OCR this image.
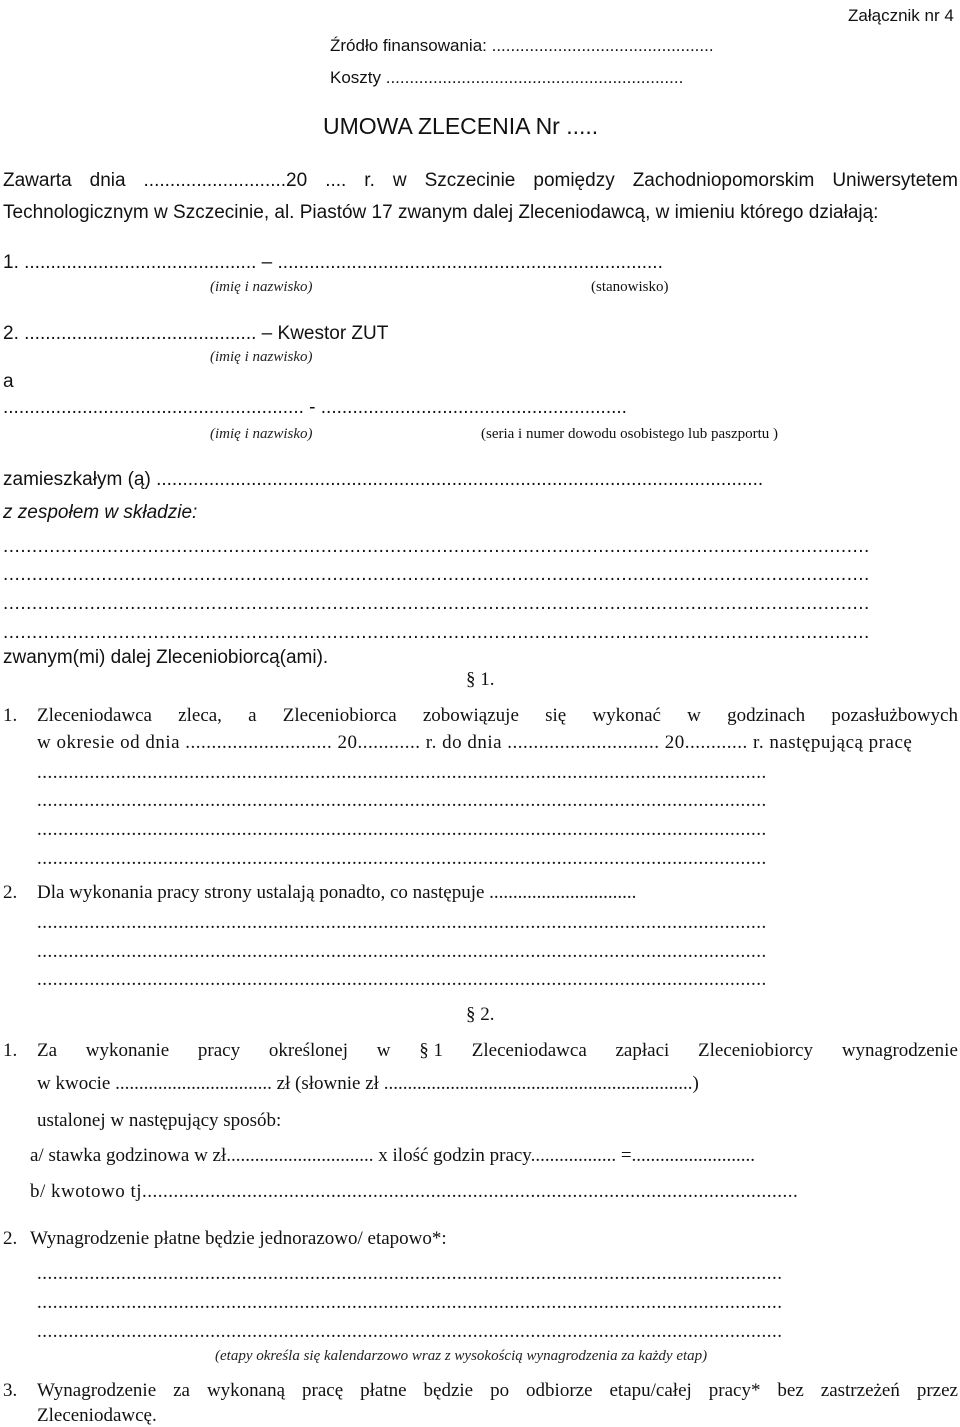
Załącznik nr 4
Źródło finansowania: ...............................................
Koszty ...............................................................
UMOWA ZLECENIA Nr .....
Zawarta dnia ...........................20 .... r. w Szczecinie pomiędzy Zachodniopomorskim Uniwersytetem
Technologicznym w Szczecinie, al. Piastów 17 zwanym dalej Zleceniodawcą, w imieniu którego działają:
1. ............................................ – .........................................................................
(imię i nazwisko)	(stanowisko)
2. ............................................ – Kwestor ZUT
(imię i nazwisko)
a
......................................................... - ..........................................................
(imię i nazwisko)	(seria i numer dowodu osobistego lub paszportu )
zamieszkałym (ą) ...................................................................................................................
z zespołem w składzie:
......................................................................................................................................................
......................................................................................................................................................
......................................................................................................................................................
......................................................................................................................................................
zwanym(mi) dalej Zleceniobiorcą(ami).
§ 1.
1. Zleceniodawca zleca, a Zleceniobiorca zobowiązuje się wykonać w godzinach pozasłużbowych
w okresie od dnia ............................ 20............ r. do dnia ............................. 20............ r. następującą pracę
...........................................................................................................................................
...........................................................................................................................................
...........................................................................................................................................
...........................................................................................................................................
2. Dla wykonania pracy strony ustalają ponadto, co następuje ...............................
...........................................................................................................................................
...........................................................................................................................................
...........................................................................................................................................
§ 2.
1. Za wykonanie pracy określonej w § 1 Zleceniodawca zapłaci Zleceniobiorcy wynagrodzenie
w kwocie ................................. zł (słownie zł .................................................................)
ustalonej w następujący sposób:
a/ stawka godzinowa w zł............................... x ilość godzin pracy.................. =..........................
b/ kwotowo tj.............................................................................................................................
2. Wynagrodzenie płatne będzie jednorazowo/ etapowo*:
..............................................................................................................................................
..............................................................................................................................................
..............................................................................................................................................
(etapy określa się kalendarzowo wraz z wysokością wynagrodzenia za każdy etap)
3. Wynagrodzenie za wykonaną pracę płatne będzie po odbiorze etapu/całej pracy* bez zastrzeżeń przez
Zleceniodawcę.
